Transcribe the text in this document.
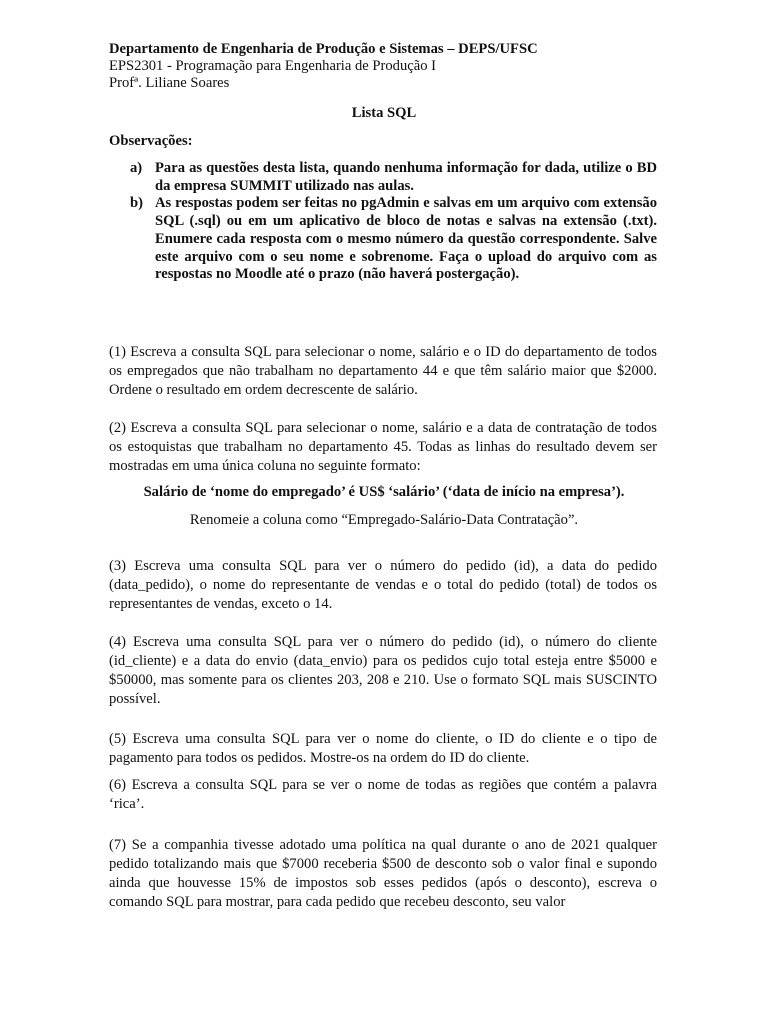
Departamento de Engenharia de Produção e Sistemas – DEPS/UFSC
EPS2301 - Programação para Engenharia de Produção I
Profª. Liliane Soares
Lista SQL
Observações:
a) Para as questões desta lista, quando nenhuma informação for dada, utilize o BD da empresa SUMMIT utilizado nas aulas.
b) As respostas podem ser feitas no pgAdmin e salvas em um arquivo com extensão SQL (.sql) ou em um aplicativo de bloco de notas e salvas na extensão (.txt). Enumere cada resposta com o mesmo número da questão correspondente. Salve este arquivo com o seu nome e sobrenome. Faça o upload do arquivo com as respostas no Moodle até o prazo (não haverá postergação).
(1) Escreva a consulta SQL para selecionar o nome, salário e o ID do departamento de todos os empregados que não trabalham no departamento 44 e que têm salário maior que $2000. Ordene o resultado em ordem decrescente de salário.
(2) Escreva a consulta SQL para selecionar o nome, salário e a data de contratação de todos os estoquistas que trabalham no departamento 45. Todas as linhas do resultado devem ser mostradas em uma única coluna no seguinte formato:
Salário de ‘nome do empregado’ é US$ ‘salário’ (‘data de início na empresa’).
Renomeie a coluna como “Empregado-Salário-Data Contratação”.
(3) Escreva uma consulta SQL para ver o número do pedido (id), a data do pedido (data_pedido), o nome do representante de vendas e o total do pedido (total) de todos os representantes de vendas, exceto o 14.
(4) Escreva uma consulta SQL para ver o número do pedido (id), o número do cliente (id_cliente) e a data do envio (data_envio) para os pedidos cujo total esteja entre $5000 e $50000, mas somente para os clientes 203, 208 e 210. Use o formato SQL mais SUSCINTO possível.
(5) Escreva uma consulta SQL para ver o nome do cliente, o ID do cliente e o tipo de pagamento para todos os pedidos. Mostre-os na ordem do ID do cliente.
(6) Escreva a consulta SQL para se ver o nome de todas as regiões que contém a palavra ‘rica’.
(7) Se a companhia tivesse adotado uma política na qual durante o ano de 2021 qualquer pedido totalizando mais que $7000 receberia $500 de desconto sob o valor final e supondo ainda que houvesse 15% de impostos sob esses pedidos (após o desconto), escreva o comando SQL para mostrar, para cada pedido que recebeu desconto, seu valor
